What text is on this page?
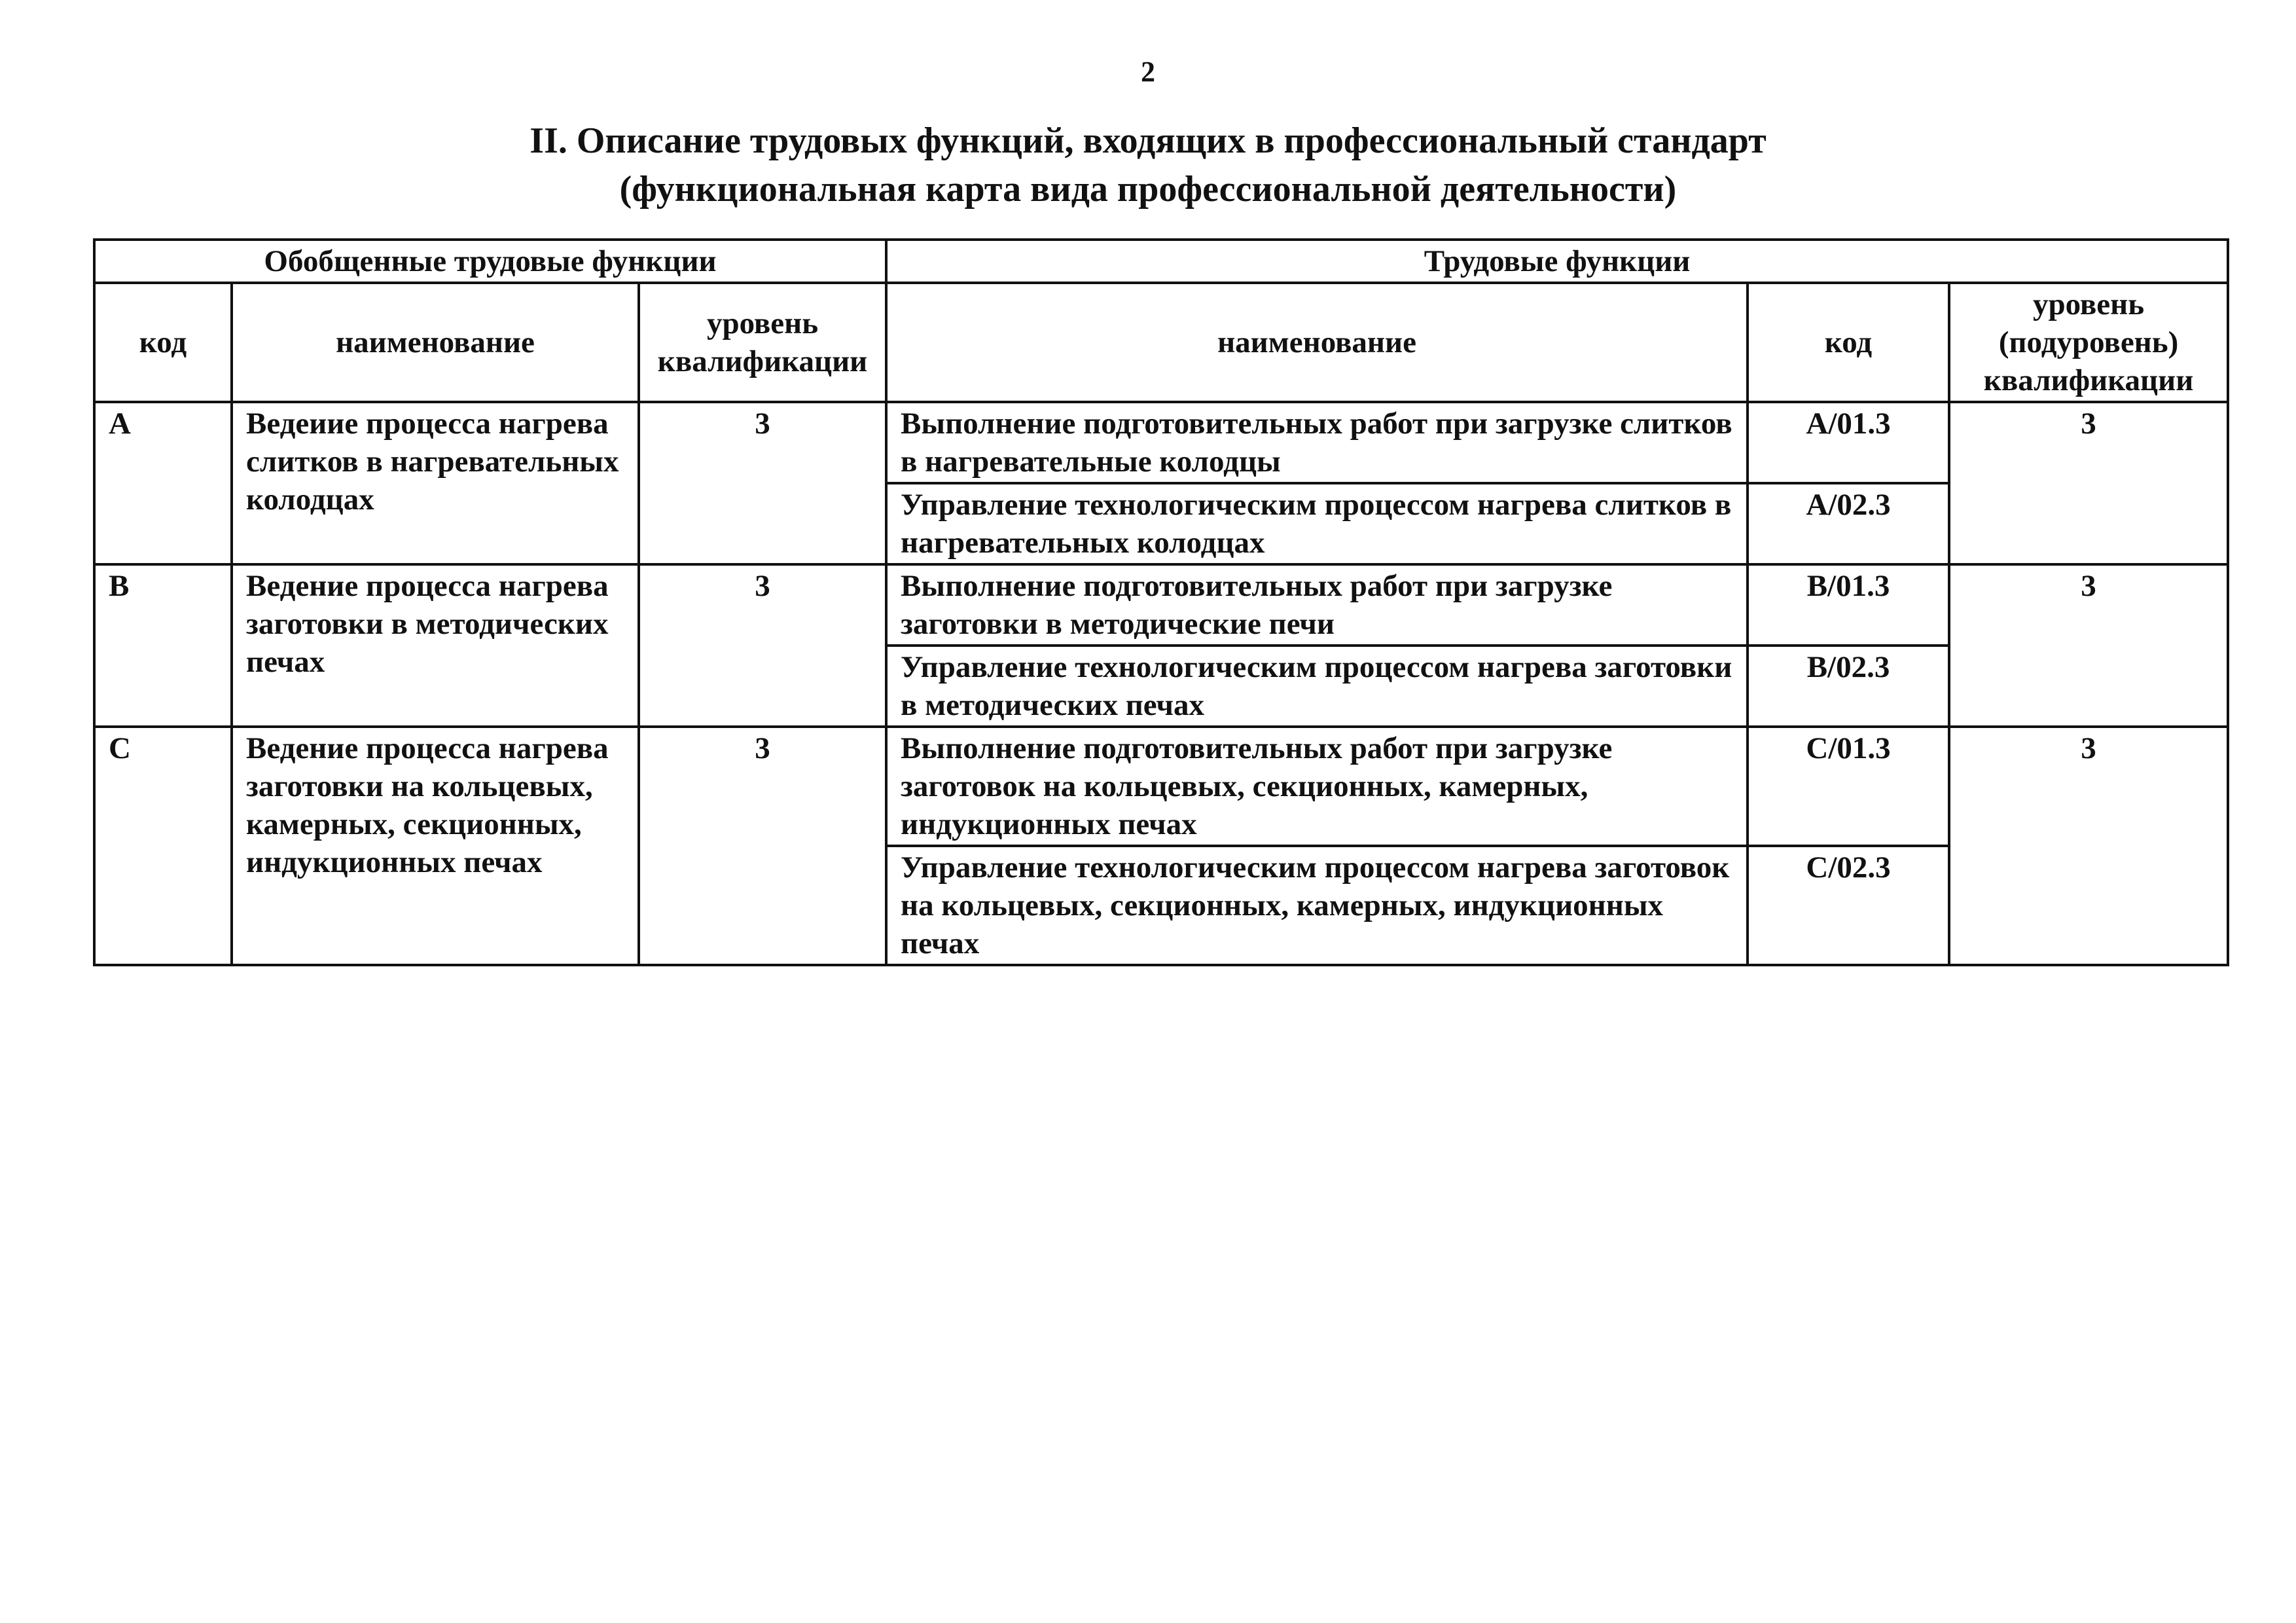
2
II. Описание трудовых функций, входящих в профессиональный стандарт
(функциональная карта вида профессиональной деятельности)
Обобщенные трудовые функции			Трудовые функции		
код	наименование	уровень квалификации	наименование	код	уровень (подуровень) квалификации
A	Ведеиие процесса нагрева слитков в нагревательных колодцах	3	Выполнение подготовительных работ при загрузке слитков в нагревательные колодцы	A/01.3	3
			Управление технологическим процессом нагрева слитков в нагревательных колодцах	A/02.3	
B	Ведение процесса нагрева заготовки в методических печах	3	Выполнение подготовительных работ при загрузке заготовки в методические печи	B/01.3	3
			Управление технологическим процессом нагрева заготовки в методических печах	B/02.3	
C	Ведение процесса нагрева заготовки на кольцевых, камерных, секционных, индукционных печах	3	Выполнение подготовительных работ при загрузке заготовок на кольцевых, секционных, камерных, индукционных печах	C/01.3	3
			Управление технологическим процессом нагрева заготовок на кольцевых, секционных, камерных, индукционных печах	C/02.3	
